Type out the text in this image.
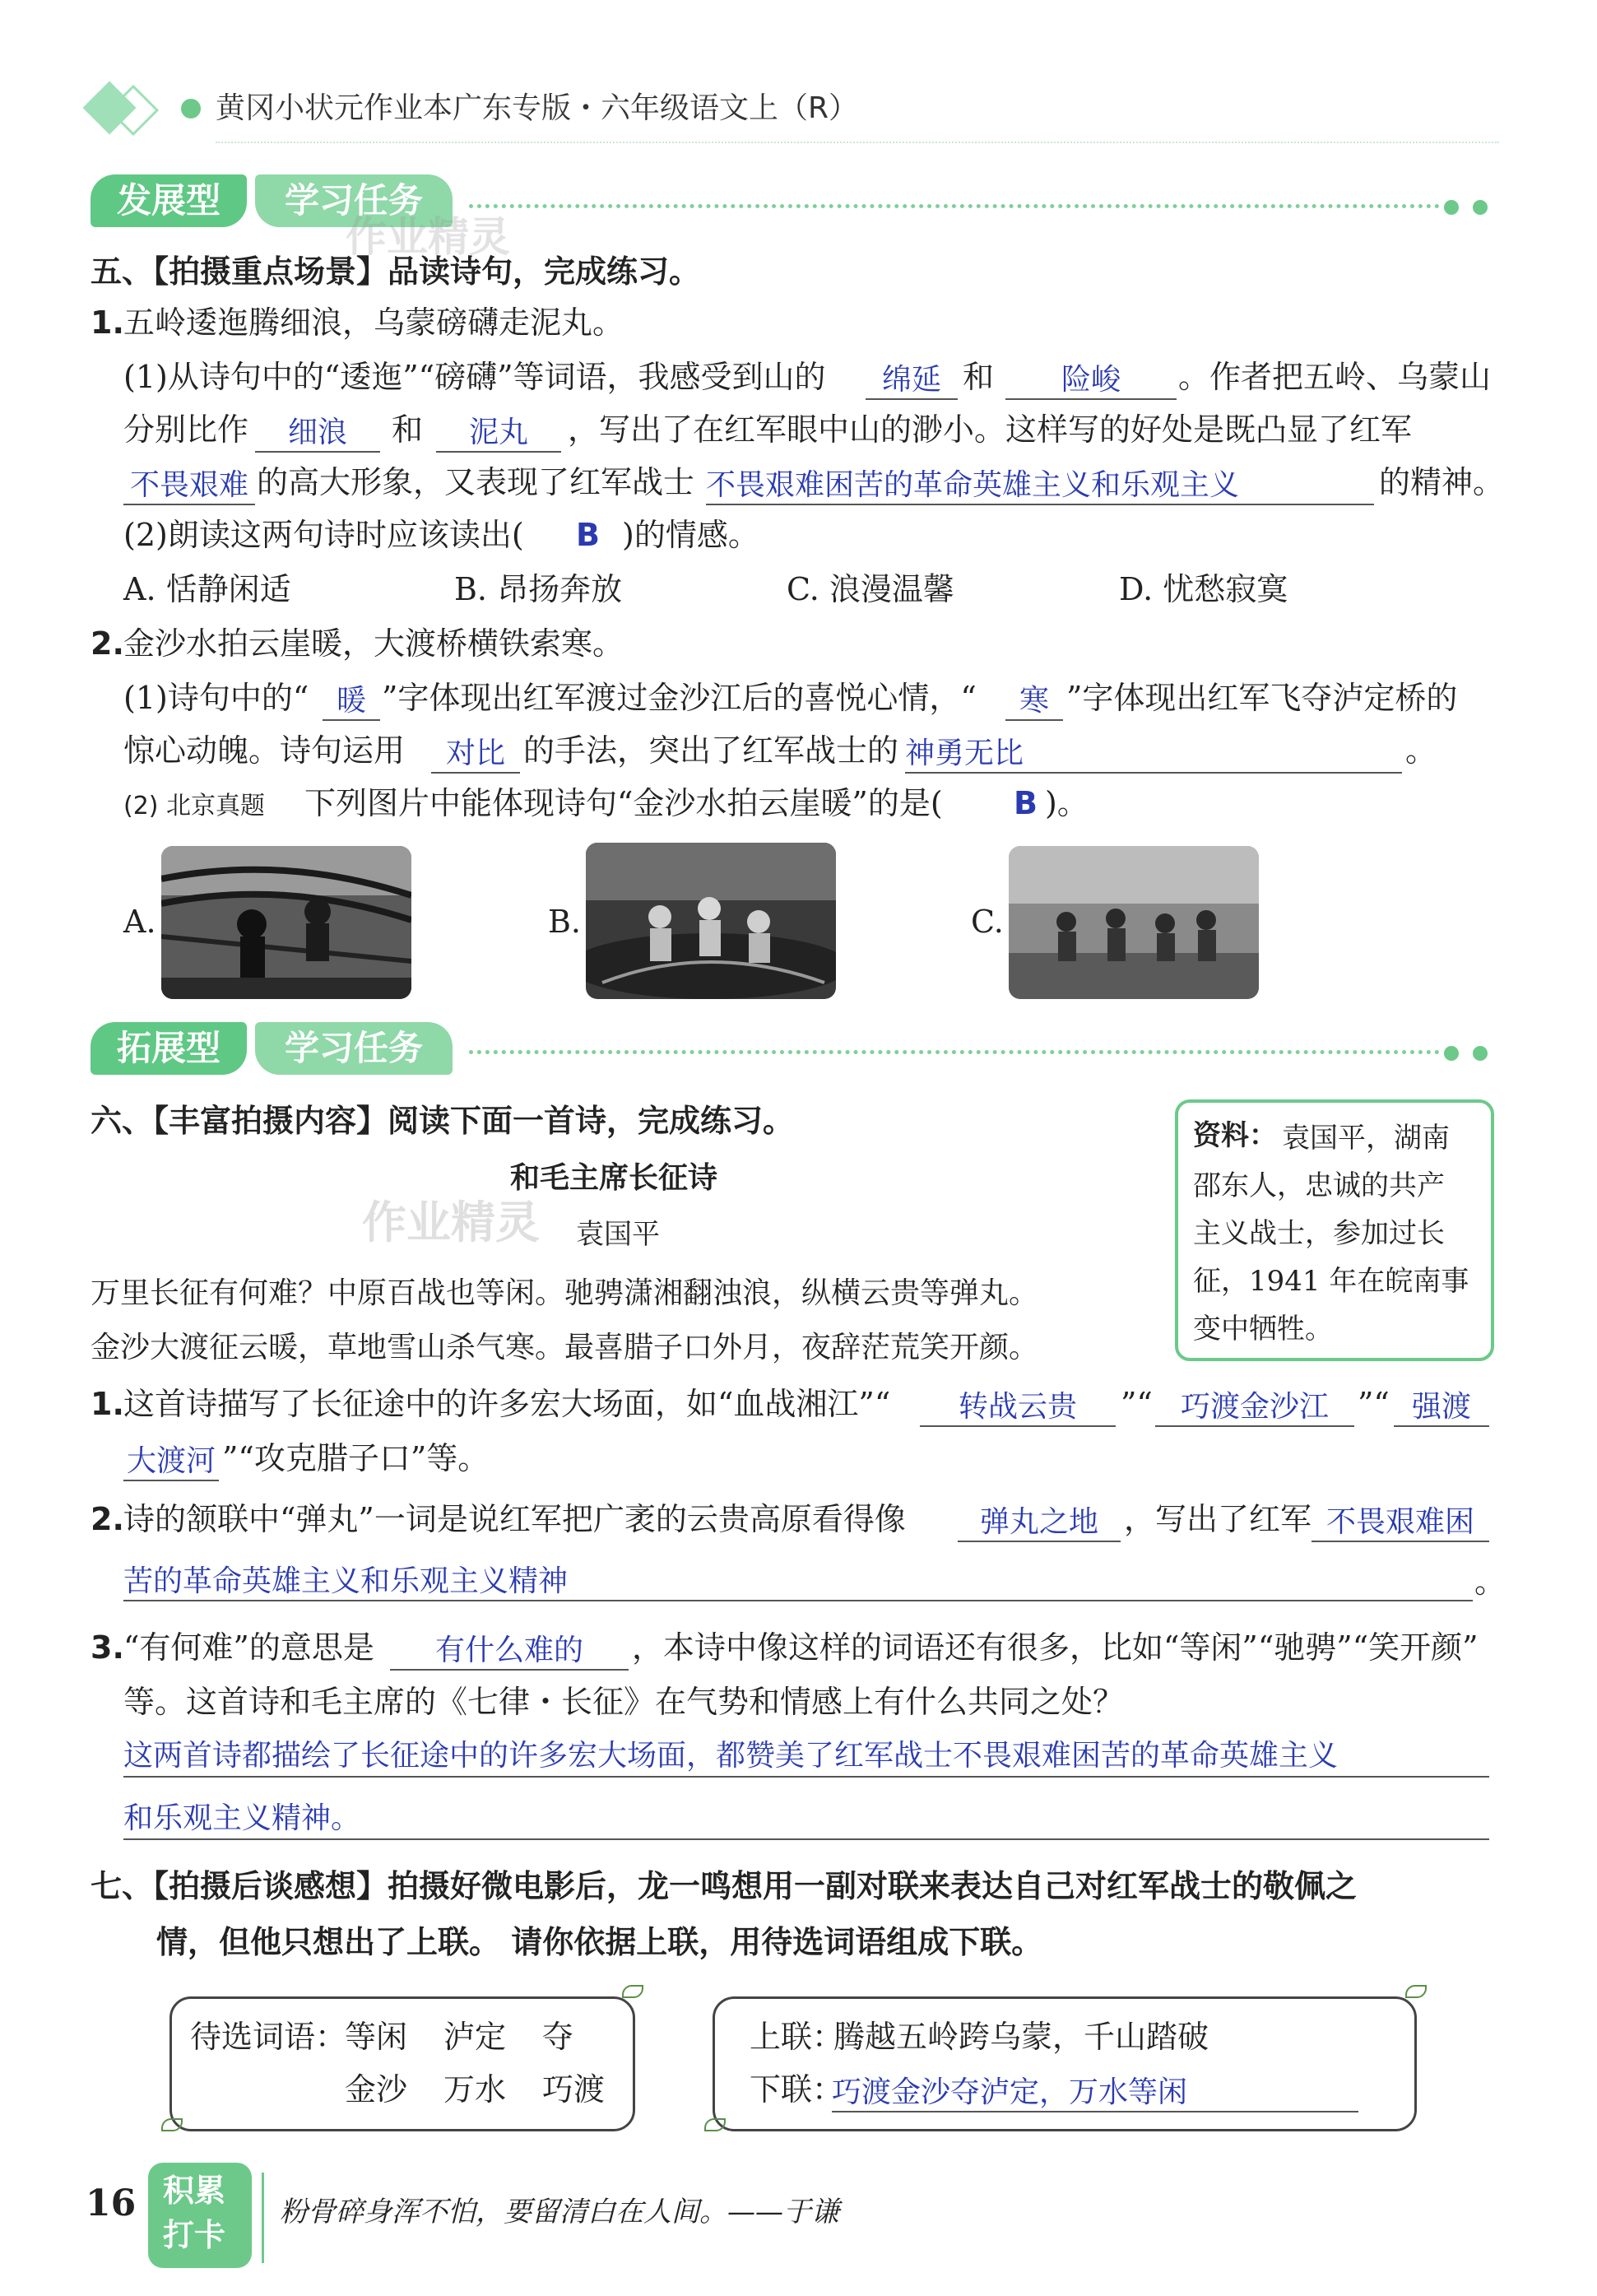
黄冈小状元作业本广东专版・六年级语文上（R）
发展型	学习任务
作业精灵
五、【拍摄重点场景】品读诗句，完成练习。
1. 五岭逶迤腾细浪，乌蒙磅礴走泥丸。
(1)从诗句中的“逶迤”“磅礴”等词语，我感受到山的	绵延 和	险峻	。作者把五岭、乌蒙山
分别比作	细浪	和	泥丸	，写出了在红军眼中山的渺小。这样写的好处是既凸显了红军
不畏艰难 的高大形象，又表现了红军战士 不畏艰难困苦的革命英雄主义和乐观主义	的精神。
(2)朗读这两句诗时应该读出( B )的情感。
A. 恬静闲适	B. 昂扬奔放	C. 浪漫温馨	D. 忧愁寂寞
2. 金沙水拍云崖暖，大渡桥横铁索寒。
(1)诗句中的“ 暖 ”字体现出红军渡过金沙江后的喜悦心情，“	寒 ”字体现出红军飞夺泸定桥的
惊心动魄。诗句运用	对比 的手法，突出了红军战士的 神勇无比	。
(2) 北京真题 下列图片中能体现诗句“金沙水拍云崖暖”的是( B )。
A.	B.	C.
拓展型	学习任务
六、【丰富拍摄内容】阅读下面一首诗，完成练习。
和毛主席长征诗
袁国平
作业精灵
万里长征有何难？中原百战也等闲。驰骋潇湘翻浊浪，纵横云贵等弹丸。
金沙大渡征云暖，草地雪山杀气寒。最喜腊子口外月，夜辞茫荒笑开颜。
资料： 袁国平，湖南
邵东人，忠诚的共产
主义战士，参加过长
征，1941 年在皖南事
变中牺牲。
1. 这首诗描写了长征途中的许多宏大场面，如“血战湘江”“	转战云贵	”“ 巧渡金沙江 ”“ 强渡
大渡河 ”“攻克腊子口”等。
2. 诗的颔联中“弹丸”一词是说红军把广袤的云贵高原看得像	弹丸之地 ，写出了红军 不畏艰难困
苦的革命英雄主义和乐观主义精神	。
3. “有何难”的意思是	有什么难的	，本诗中像这样的词语还有很多，比如“等闲”“驰骋”“笑开颜”
等。这首诗和毛主席的《七律・长征》在气势和情感上有什么共同之处？
这两首诗都描绘了长征途中的许多宏大场面，都赞美了红军战士不畏艰难困苦的革命英雄主义
和乐观主义精神。
七、【拍摄后谈感想】拍摄好微电影后，龙一鸣想用一副对联来表达自己对红军战士的敬佩之
情，但他只想出了上联。 请你依据上联，用待选词语组成下联。
待选词语：
等闲 泸定 夺
金沙 万水 巧渡
上联：
腾越五岭跨乌蒙，千山踏破
下联：
巧渡金沙夺泸定，万水等闲
16 积累
打卡
粉骨碎身浑不怕，要留清白在人间。——于谦
